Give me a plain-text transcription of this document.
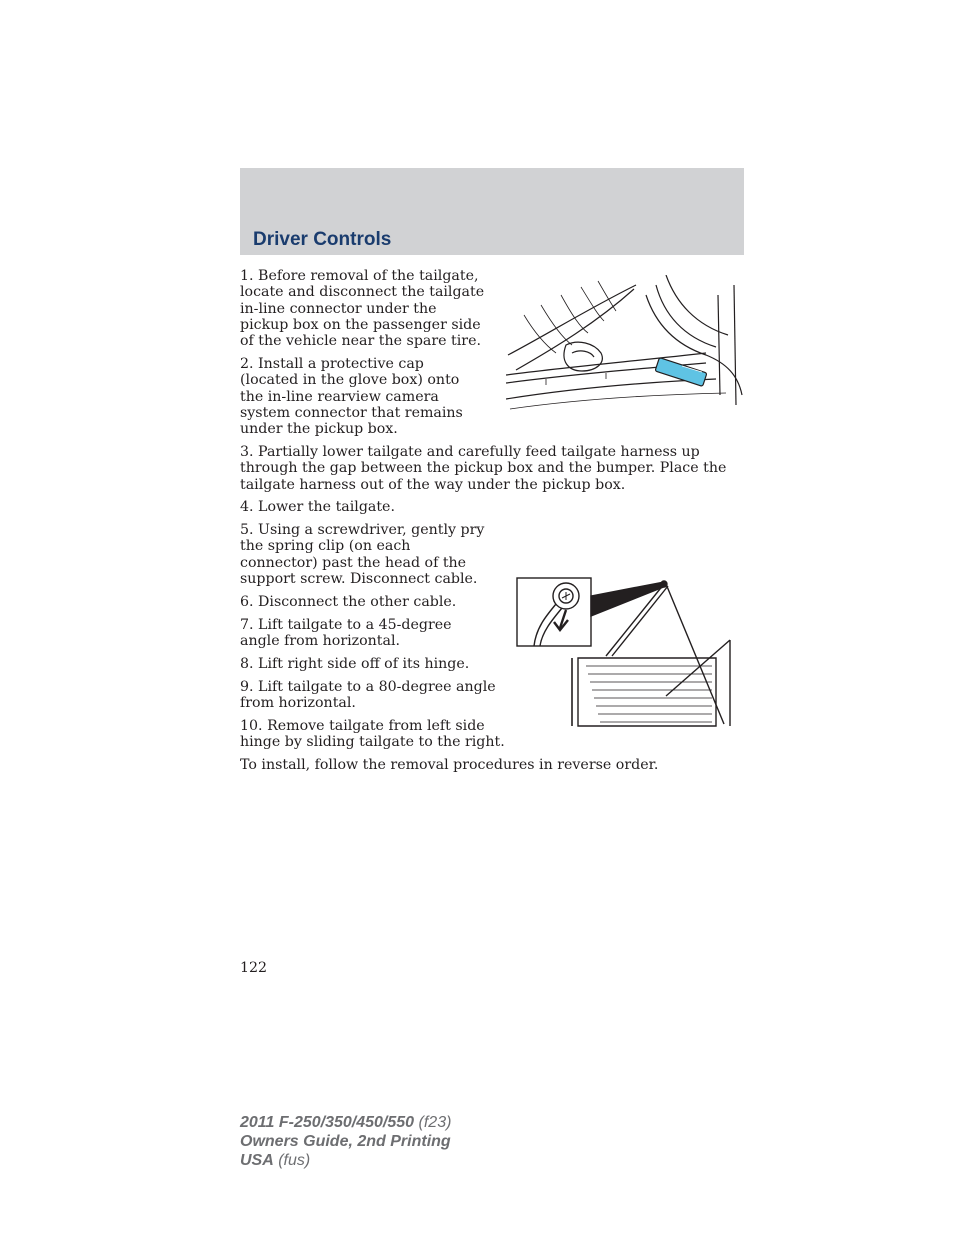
Driver Controls

1. Before removal of the tailgate, locate and disconnect the tailgate in-line connector under the pickup box on the passenger side of the vehicle near the spare tire.

2. Install a protective cap (located in the glove box) onto the in-line rearview camera system connector that remains under the pickup box.

3. Partially lower tailgate and carefully feed tailgate harness up through the gap between the pickup box and the bumper. Place the tailgate harness out of the way under the pickup box.

4. Lower the tailgate.

5. Using a screwdriver, gently pry the spring clip (on each connector) past the head of the support screw. Disconnect cable.

6. Disconnect the other cable.

7. Lift tailgate to a 45-degree angle from horizontal.

8. Lift right side off of its hinge.

9. Lift tailgate to a 80-degree angle from horizontal.

10. Remove tailgate from left side hinge by sliding tailgate to the right.

To install, follow the removal procedures in reverse order.

122
2011 F-250/350/450/550 (f23)
Owners Guide, 2nd Printing
USA (fus)
